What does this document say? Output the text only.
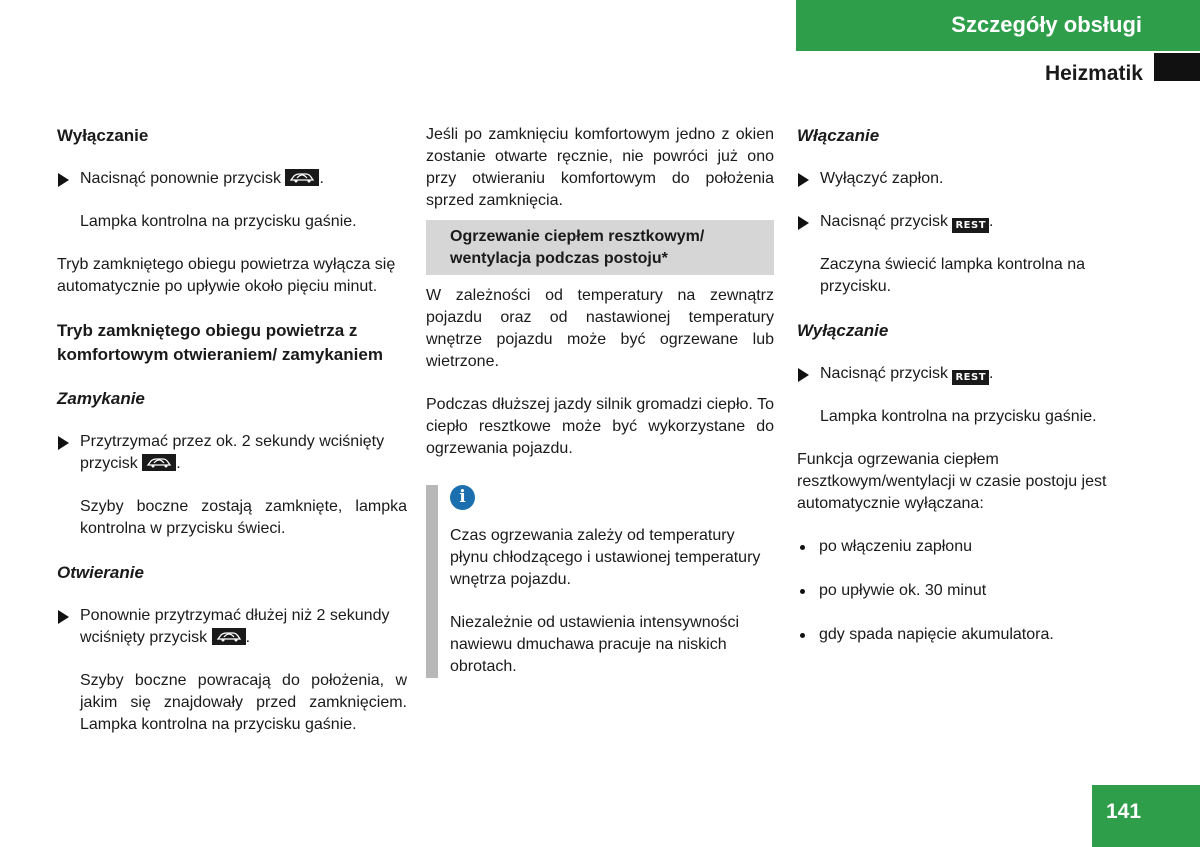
Szczegóły obsługi
Heizmatik
Wyłączanie
Nacisnąć ponownie przycisk .

Lampka kontrolna na przycisku gaśnie.

Tryb zamkniętego obiegu powietrza wyłącza się automatycznie po upływie około pięciu minut.

Tryb zamkniętego obiegu powietrza z komfortowym otwieraniem/ zamykaniem
Zamykanie
Przytrzymać przez ok. 2 sekundy wciśnięty przycisk .

Szyby boczne zostają zamknięte, lampka kontrolna w przycisku świeci.

Otwieranie
Ponownie przytrzymać dłużej niż 2 sekundy wciśnięty przycisk .

Szyby boczne powracają do położenia, w jakim się znajdowały przed zamknięciem. Lampka kontrolna na przycisku gaśnie.

Jeśli po zamknięciu komfortowym jedno z okien zostanie otwarte ręcznie, nie powróci już ono przy otwieraniu komfortowym do położenia sprzed zamknięcia.

Ogrzewanie ciepłem resztkowym/ wentylacja podczas postoju*

W zależności od temperatury na zewnątrz pojazdu oraz od nastawionej temperatury wnętrze pojazdu może być ogrzewane lub wietrzone.

Podczas dłuższej jazdy silnik gromadzi ciepło. To ciepło resztkowe może być wykorzystane do ogrzewania pojazdu.

i

Czas ogrzewania zależy od temperatury płynu chłodzącego i ustawionej temperatury wnętrza pojazdu.

Niezależnie od ustawienia intensywności nawiewu dmuchawa pracuje na niskich obrotach.

Włączanie
Wyłączyć zapłon.
Nacisnąć przycisk REST .

Zaczyna świecić lampka kontrolna na przycisku.

Wyłączanie
Nacisnąć przycisk REST .

Lampka kontrolna na przycisku gaśnie.

Funkcja ogrzewania ciepłem resztkowym/wentylacji w czasie postoju jest automatycznie wyłączana:

po włączeniu zapłonu
po upływie ok. 30 minut
gdy spada napięcie akumulatora.
141
